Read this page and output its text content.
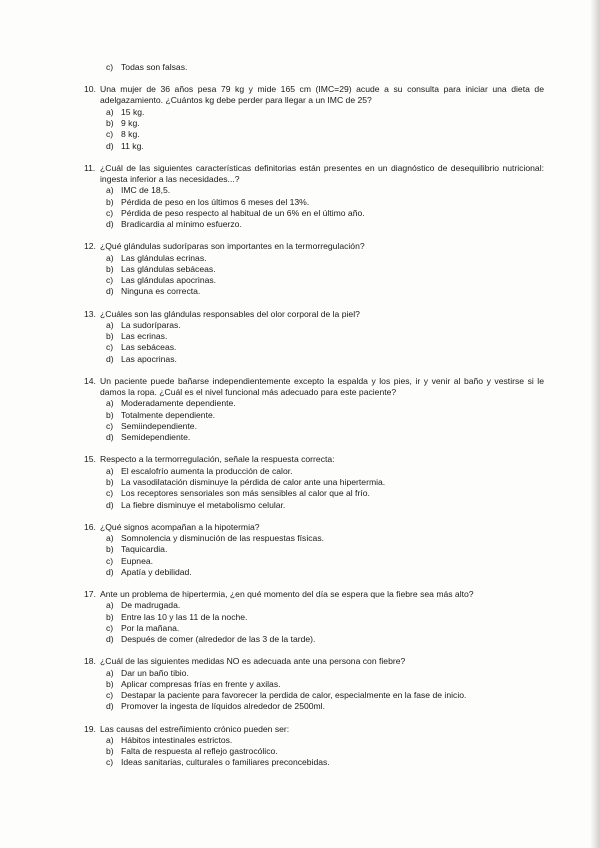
c) Todas son falsas.
10. Una mujer de 36 años pesa 79 kg y mide 165 cm (IMC=29) acude a su consulta para iniciar una dieta de adelgazamiento. ¿Cuántos kg debe perder para llegar a un IMC de 25?
a) 15 kg.
b) 9 kg.
c) 8 kg.
d) 11 kg.
11. ¿Cuál de las siguientes características definitorias están presentes en un diagnóstico de desequilibrio nutricional: ingesta inferior a las necesidades...?
a) IMC de 18,5.
b) Pérdida de peso en los últimos 6 meses del 13%.
c) Pérdida de peso respecto al habitual de un 6% en el último año.
d) Bradicardia al mínimo esfuerzo.
12. ¿Qué glándulas sudoríparas son importantes en la termorregulación?
a) Las glándulas ecrinas.
b) Las glándulas sebáceas.
c) Las glándulas apocrinas.
d) Ninguna es correcta.
13. ¿Cuáles son las glándulas responsables del olor corporal de la piel?
a) La sudoríparas.
b) Las ecrinas.
c) Las sebáceas.
d) Las apocrinas.
14. Un paciente puede bañarse independientemente excepto la espalda y los pies, ir y venir al baño y vestirse si le damos la ropa. ¿Cuál es el nivel funcional más adecuado para este paciente?
a) Moderadamente dependiente.
b) Totalmente dependiente.
c) Semiindependiente.
d) Semidependiente.
15. Respecto a la termorregulación, señale la respuesta correcta:
a) El escalofrío aumenta la producción de calor.
b) La vasodilatación disminuye la pérdida de calor ante una hipertermia.
c) Los receptores sensoriales son más sensibles al calor que al frío.
d) La fiebre disminuye el metabolismo celular.
16. ¿Qué signos acompañan a la hipotermia?
a) Somnolencia y disminución de las respuestas físicas.
b) Taquicardia.
c) Eupnea.
d) Apatía y debilidad.
17. Ante un problema de hipertermia, ¿en qué momento del día se espera que la fiebre sea más alto?
a) De madrugada.
b) Entre las 10 y las 11 de la noche.
c) Por la mañana.
d) Después de comer (alrededor de las 3 de la tarde).
18. ¿Cuál de las siguientes medidas NO es adecuada ante una persona con fiebre?
a) Dar un baño tibio.
b) Aplicar compresas frías en frente y axilas.
c) Destapar la paciente para favorecer la perdida de calor, especialmente en la fase de inicio.
d) Promover la ingesta de líquidos alrededor de 2500ml.
19. Las causas del estreñimiento crónico pueden ser:
a) Hábitos intestinales estrictos.
b) Falta de respuesta al reflejo gastrocólico.
c) Ideas sanitarias, culturales o familiares preconcebidas.
